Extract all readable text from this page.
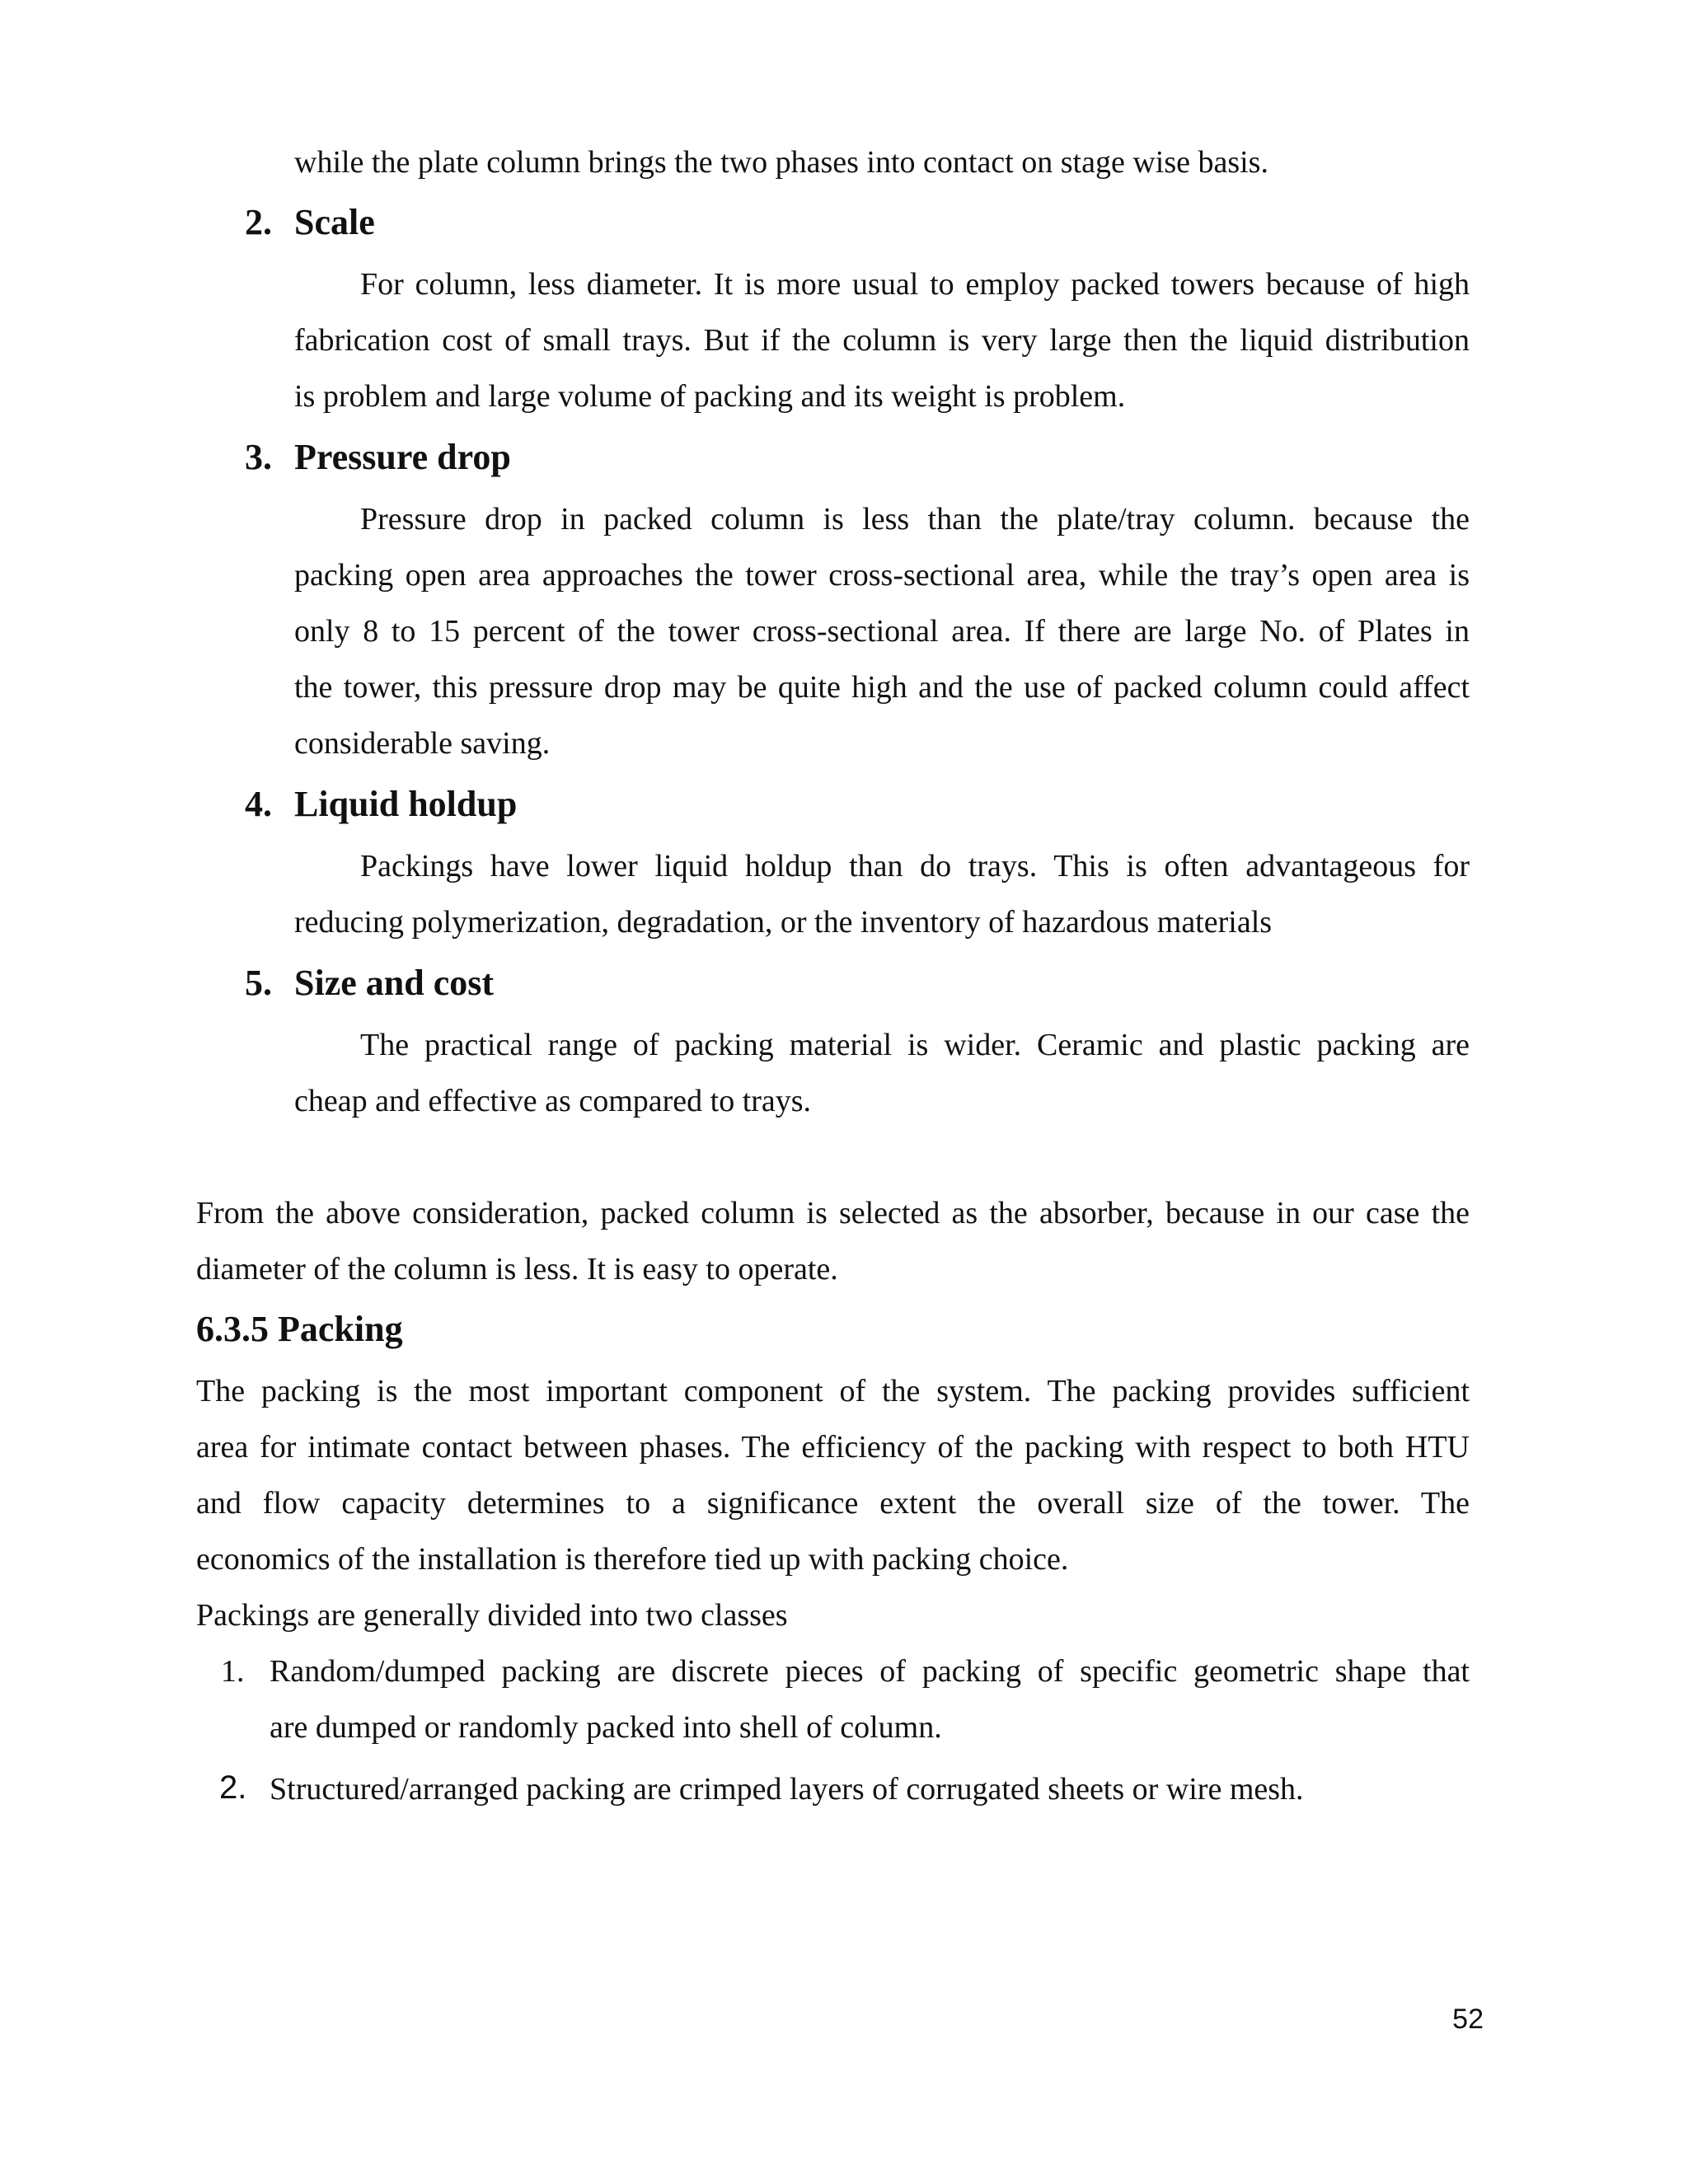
while the plate column brings the two phases into contact on stage wise basis.
2. Scale
For column, less diameter. It is more usual to employ packed towers because of high
fabrication cost of small trays. But if the column is very large then the liquid distribution
is problem and large volume of packing and its weight is problem.
3. Pressure drop
Pressure drop in packed column is less than the plate/tray column. because the
packing open area approaches the tower cross-sectional area, while the tray’s open area is
only 8 to 15 percent of the tower cross-sectional area. If there are large No. of Plates in
the tower, this pressure drop may be quite high and the use of packed column could affect
considerable saving.
4. Liquid holdup
Packings have lower liquid holdup than do trays. This is often advantageous for
reducing polymerization, degradation, or the inventory of hazardous materials
5. Size and cost
The practical range of packing material is wider. Ceramic and plastic packing are
cheap and effective as compared to trays.
From the above consideration, packed column is selected as the absorber, because in our case the
diameter of the column is less. It is easy to operate.
6.3.5 Packing
The packing is the most important component of the system. The packing provides sufficient
area for intimate contact between phases. The efficiency of the packing with respect to both HTU
and flow capacity determines to a significance extent the overall size of the tower. The
economics of the installation is therefore tied up with packing choice.
Packings are generally divided into two classes
1. Random/dumped packing are discrete pieces of packing of specific geometric shape that
are dumped or randomly packed into shell of column.
2. Structured/arranged packing are crimped layers of corrugated sheets or wire mesh.
52
